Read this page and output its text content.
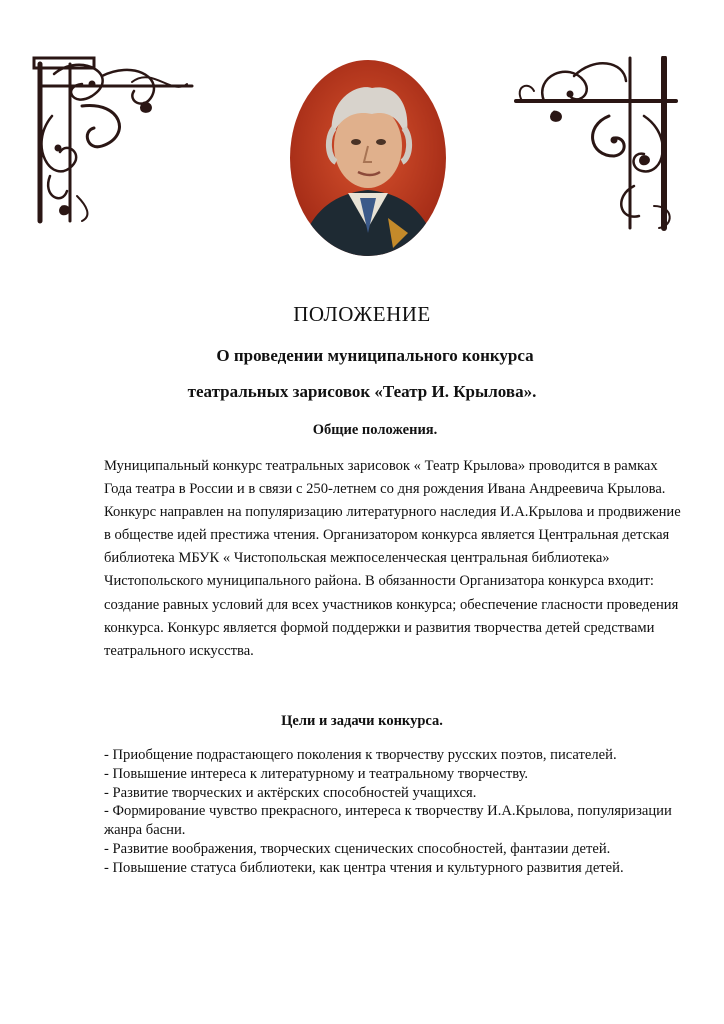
ПОЛОЖЕНИЕ
О проведении муниципального конкурса
театральных зарисовок «Театр И. Крылова».
Общие положения.

Муниципальный конкурс театральных зарисовок « Театр Крылова» проводится в рамках Года театра в России и в связи с 250-летнем со дня рождения Ивана Андреевича Крылова. Конкурс направлен на популяризацию литературного наследия И.А.Крылова и продвижение в обществе идей престижа чтения. Организатором конкурса является Центральная детская библиотека МБУК « Чистопольская межпоселенческая центральная библиотека» Чистопольского муниципального района. В обязанности Организатора конкурса входит: создание равных условий для всех участников конкурса; обеспечение гласности проведения конкурса. Конкурс является формой поддержки и развития творчества детей средствами театрального искусства.

Цели и задачи конкурса.
- Приобщение подрастающего поколения к творчеству русских поэтов, писателей.
- Повышение интереса к литературному и театральному творчеству.
- Развитие творческих и актёрских способностей учащихся.
- Формирование чувство прекрасного, интереса к творчеству И.А.Крылова, популяризации жанра басни.
- Развитие воображения, творческих сценических способностей, фантазии детей.
- Повышение статуса библиотеки, как центра чтения и культурного развития детей.
